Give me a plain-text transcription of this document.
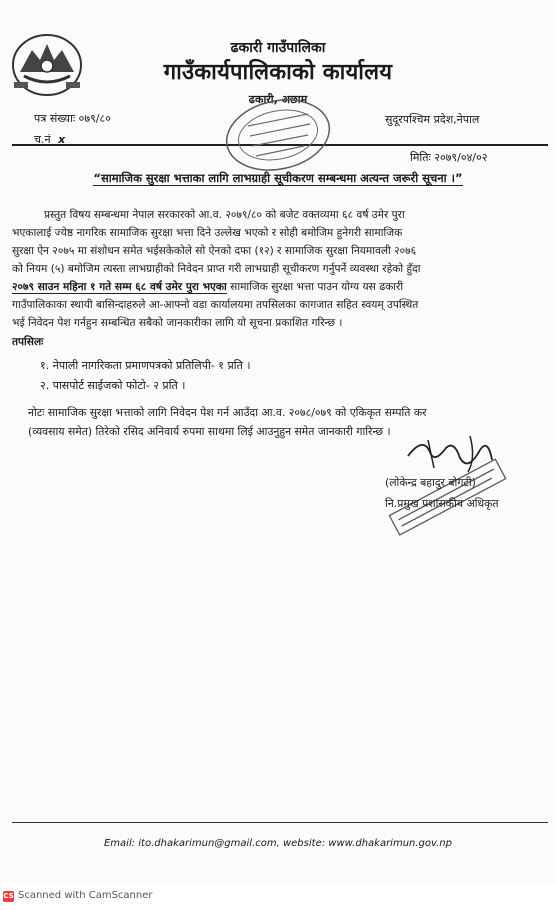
ढकारी गाउँपालिका
गाउँकार्यपालिकाको कार्यालय
ढकारी, अछाम
पत्र संख्याः ०७९/८०
च.नं x
सुदूरपश्चिम प्रदेश,नेपाल
मितिः २०७९/०४/०२
“सामाजिक सुरक्षा भत्ताका लागि लाभग्राही सूचीकरण सम्बन्धमा अत्यन्त जरूरी सूचना ।”
प्रस्तुत विषय सम्बन्धमा नेपाल सरकारको आ.व. २०७९/८० को बजेट वक्तव्यमा ६८ वर्ष उमेर पुरा
भएकालाई ज्येष्ठ नागरिक सामाजिक सुरक्षा भत्ता दिने उल्लेख भएको र सोही बमोजिम हुनेगरी सामाजिक
सुरक्षा ऐन २०७५ मा संशोधन समेत भईसकेकोले सो ऐनको दफा (१२) र सामाजिक सुरक्षा नियमावली २०७६
को नियम (५) बमोजिम त्यस्ता लाभग्राहीको निवेदन प्राप्त गरी लाभग्राही सूचीकरण गर्नुपर्ने व्यवस्था रहेको हुँदा
२०७९ साउन महिना १ गते सम्म ६८ वर्ष उमेर पुरा भएका सामाजिक सुरक्षा भत्ता पाउन योग्य यस ढकारी
गाउँपालिकाका स्थायी बासिन्दाहरुले आ-आफ्नो वडा कार्यालयमा तपसिलका कागजात सहित स्वयम् उपस्थित
भई निवेदन पेश गर्नहुन सम्बन्धित सबैको जानकारीका लागि यो सूचना प्रकाशित गरिन्छ ।
तपसिलः
१. नेपाली नागरिकता प्रमाणपत्रको प्रतिलिपी- १ प्रति ।
२. पासपोर्ट साईजको फोटो- २ प्रति ।
नोटः सामाजिक सुरक्षा भत्ताको लागि निवेदन पेश गर्न आउँदा आ.व. २०७८/०७९ को एकिकृत सम्पति कर
(व्यवसाय समेत) तिरेको रसिद अनिवार्य रुपमा साथमा लिई आउनुहुन समेत जानकारी गारिन्छ ।
(लोकेन्द्र बहादुर बोगटी)
नि.प्रमुख प्रशासकीय अधिकृत
Email: ito.dhakarimun@gmail.com, website: www.dhakarimun.gov.np
CS Scanned with CamScanner
